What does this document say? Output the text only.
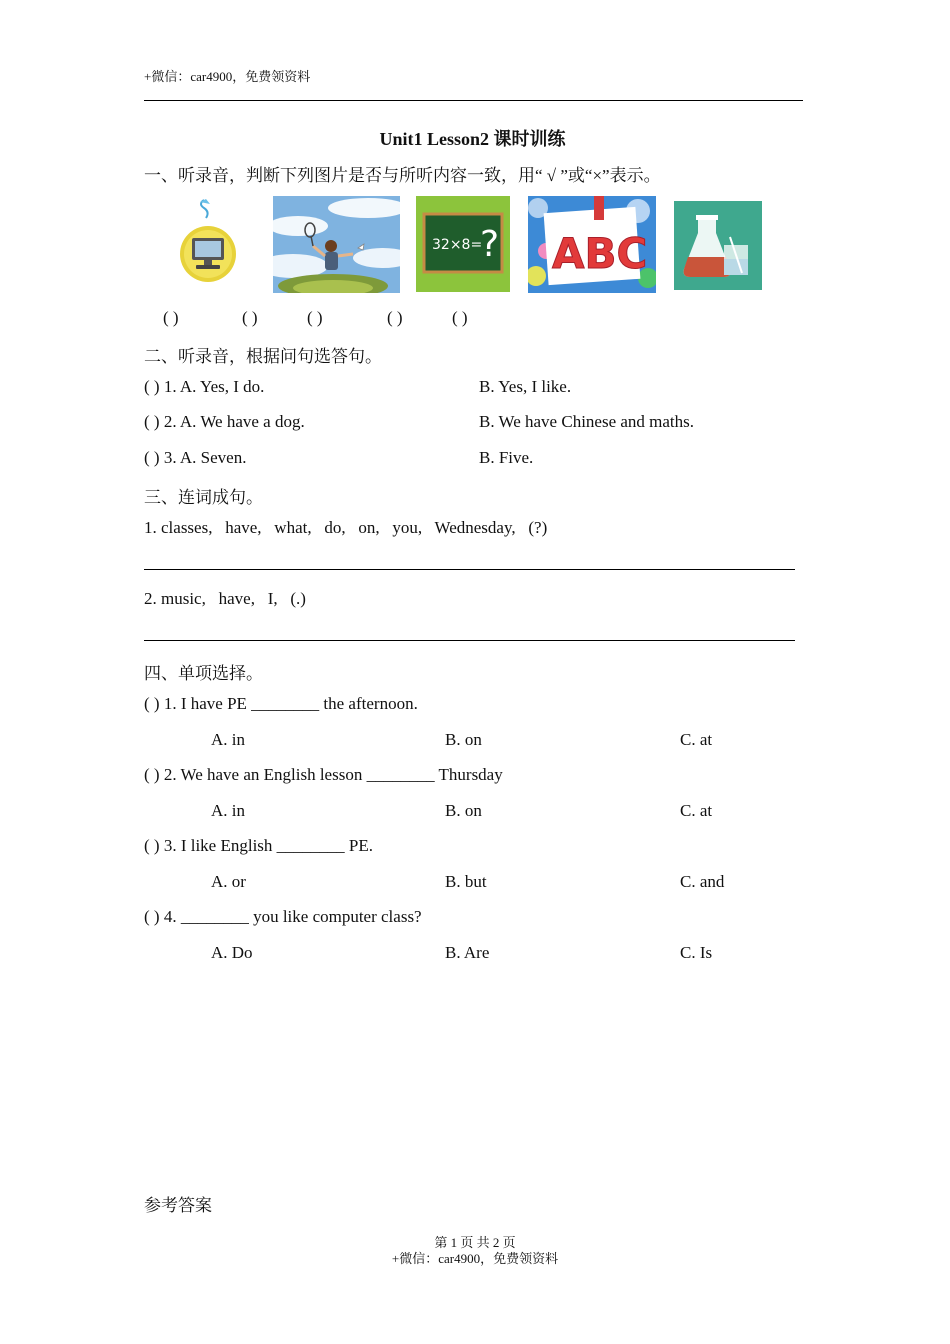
+微信：car4900，免费领资料
Unit1 Lesson2 课时训练
一、听录音，判断下列图片是否与所听内容一致，用“ √ ”或“×”表示。
32×8=
? ABC
( )	( )	( )	( )	( )
二、听录音，根据问句选答句。
( ) 1. A. Yes, I do.	B. Yes, I like.
( ) 2. A. We have a dog.	B. We have Chinese and maths.
( ) 3. A. Seven.	B. Five.
三、连词成句。
1. classes,   have,   what,   do,   on,   you,   Wednesday,   (?)
2. music,   have,   I,   (.)
四、单项选择。
( ) 1. I have PE ________ the afternoon.
A. in	B. on	C. at
( ) 2. We have an English lesson ________ Thursday
A. in	B. on	C. at
( ) 3. I like English ________ PE.
A. or	B. but	C. and
( ) 4. ________ you like computer class?
A. Do	B. Are	C. Is
参考答案
第 1 页 共 2 页
+微信：car4900，免费领资料
